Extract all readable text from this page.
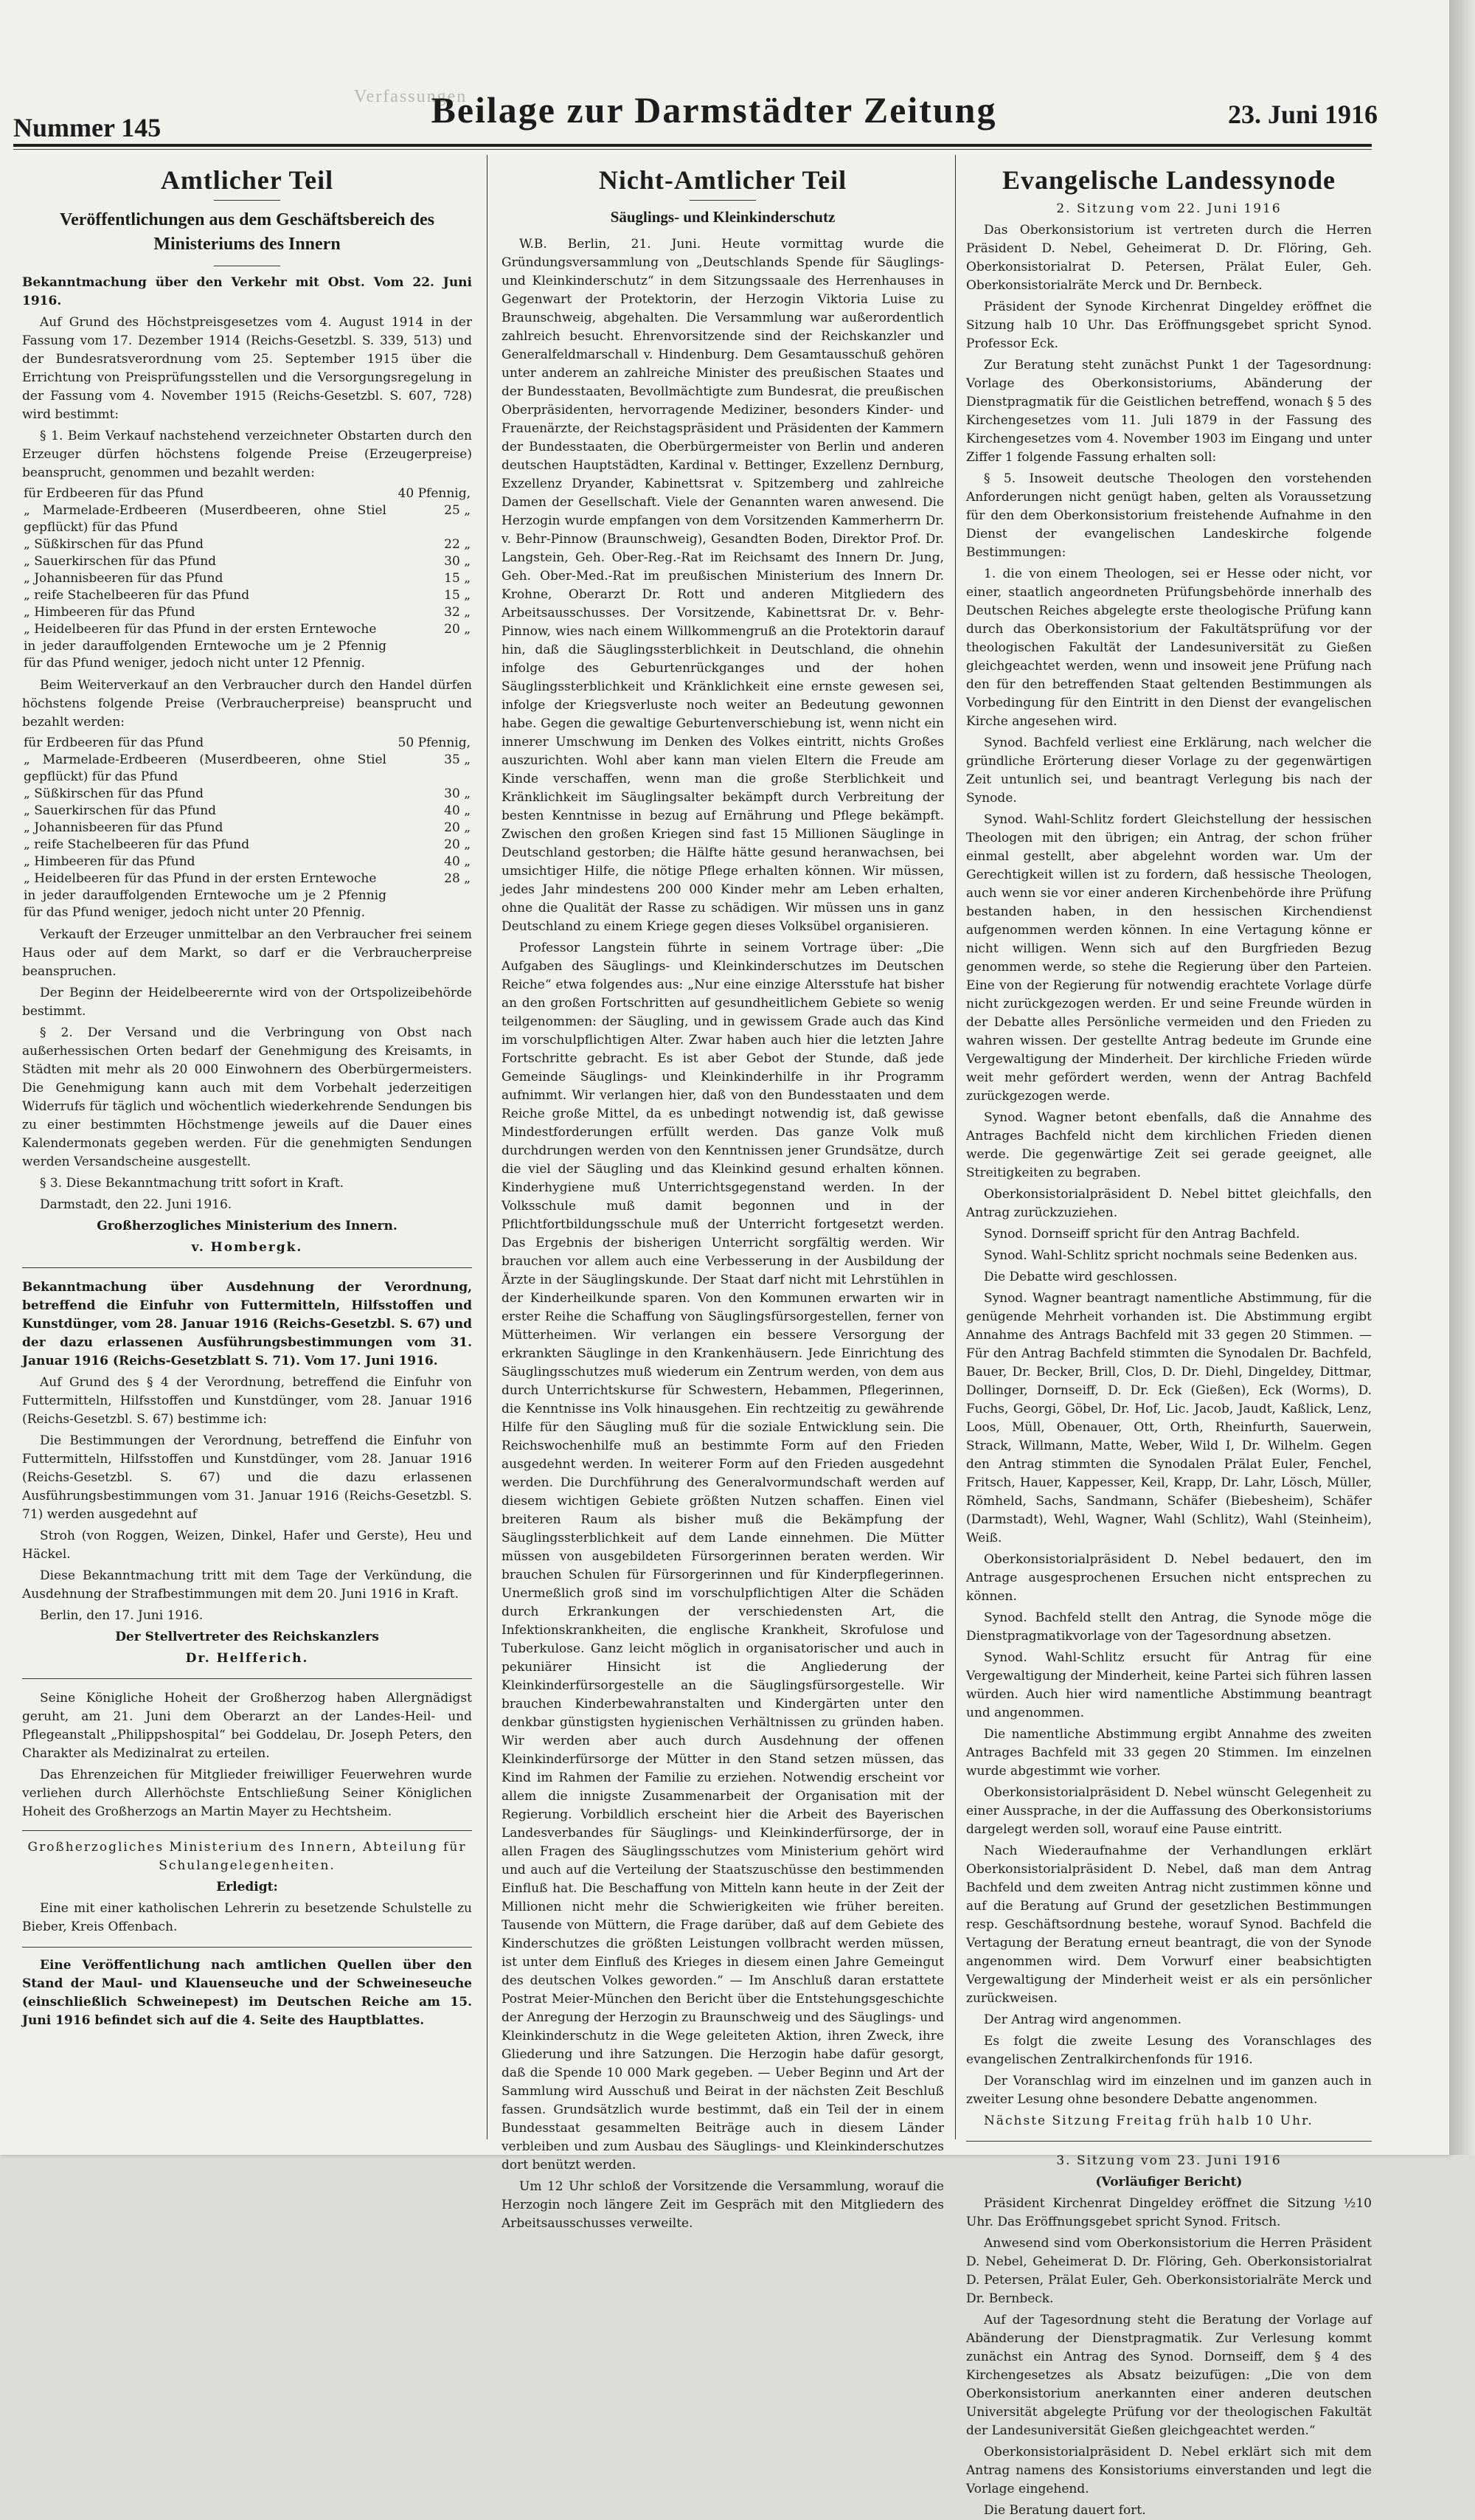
Verfassungen
Nummer 145	Beilage zur Darmstädter Zeitung	23. Juni 1916
Amtlicher Teil
Veröffentlichungen aus dem Geschäftsbereich des Ministeriums des Innern

Bekanntmachung über den Verkehr mit Obst. Vom 22. Juni 1916.

Auf Grund des Höchstpreisgesetzes vom 4. August 1914 in der Fassung vom 17. Dezember 1914 (Reichs-Gesetzbl. S. 339, 513) und der Bundesratsverordnung vom 25. September 1915 über die Errichtung von Preisprüfungsstellen und die Versorgungsregelung in der Fassung vom 4. November 1915 (Reichs-Gesetzbl. S. 607, 728) wird bestimmt:

§ 1. Beim Verkauf nachstehend verzeichneter Obstarten durch den Erzeuger dürfen höchstens folgende Preise (Erzeugerpreise) beansprucht, genommen und bezahlt werden:

für Erdbeeren für das Pfund	40 Pfennig,
„ Marmelade-Erdbeeren (Muserdbeeren, ohne Stiel gepflückt) für das Pfund	25 „
„ Süßkirschen für das Pfund	22 „
„ Sauerkirschen für das Pfund	30 „
„ Johannisbeeren für das Pfund	15 „
„ reife Stachelbeeren für das Pfund	15 „
„ Himbeeren für das Pfund	32 „
„ Heidelbeeren für das Pfund in der ersten Erntewoche	20 „
in jeder darauffolgenden Erntewoche um je 2 Pfennig für das Pfund weniger, jedoch nicht unter 12 Pfennig.	

Beim Weiterverkauf an den Verbraucher durch den Handel dürfen höchstens folgende Preise (Verbraucherpreise) beansprucht und bezahlt werden:

für Erdbeeren für das Pfund	50 Pfennig,
„ Marmelade-Erdbeeren (Muserdbeeren, ohne Stiel gepflückt) für das Pfund	35 „
„ Süßkirschen für das Pfund	30 „
„ Sauerkirschen für das Pfund	40 „
„ Johannisbeeren für das Pfund	20 „
„ reife Stachelbeeren für das Pfund	20 „
„ Himbeeren für das Pfund	40 „
„ Heidelbeeren für das Pfund in der ersten Erntewoche	28 „
in jeder darauffolgenden Erntewoche um je 2 Pfennig für das Pfund weniger, jedoch nicht unter 20 Pfennig.	

Verkauft der Erzeuger unmittelbar an den Verbraucher frei seinem Haus oder auf dem Markt, so darf er die Verbraucherpreise beanspruchen.

Der Beginn der Heidelbeerernte wird von der Ortspolizeibehörde bestimmt.

§ 2. Der Versand und die Verbringung von Obst nach außerhessischen Orten bedarf der Genehmigung des Kreisamts, in Städten mit mehr als 20 000 Einwohnern des Oberbürgermeisters. Die Genehmigung kann auch mit dem Vorbehalt jederzeitigen Widerrufs für täglich und wöchentlich wiederkehrende Sendungen bis zu einer bestimmten Höchstmenge jeweils auf die Dauer eines Kalendermonats gegeben werden. Für die genehmigten Sendungen werden Versandscheine ausgestellt.

§ 3. Diese Bekanntmachung tritt sofort in Kraft.

Darmstadt, den 22. Juni 1916.

Großherzogliches Ministerium des Innern.

v. Hombergk.

Bekanntmachung über Ausdehnung der Verordnung, betreffend die Einfuhr von Futtermitteln, Hilfsstoffen und Kunstdünger, vom 28. Januar 1916 (Reichs-Gesetzbl. S. 67) und der dazu erlassenen Ausführungsbestimmungen vom 31. Januar 1916 (Reichs-Gesetzblatt S. 71). Vom 17. Juni 1916.

Auf Grund des § 4 der Verordnung, betreffend die Einfuhr von Futtermitteln, Hilfsstoffen und Kunstdünger, vom 28. Januar 1916 (Reichs-Gesetzbl. S. 67) bestimme ich:

Die Bestimmungen der Verordnung, betreffend die Einfuhr von Futtermitteln, Hilfsstoffen und Kunstdünger, vom 28. Januar 1916 (Reichs-Gesetzbl. S. 67) und die dazu erlassenen Ausführungsbestimmungen vom 31. Januar 1916 (Reichs-Gesetzbl. S. 71) werden ausgedehnt auf

Stroh (von Roggen, Weizen, Dinkel, Hafer und Gerste), Heu und Häckel.

Diese Bekanntmachung tritt mit dem Tage der Verkündung, die Ausdehnung der Strafbestimmungen mit dem 20. Juni 1916 in Kraft.

Berlin, den 17. Juni 1916.

Der Stellvertreter des Reichskanzlers

Dr. Helfferich.

Seine Königliche Hoheit der Großherzog haben Allergnädigst geruht, am 21. Juni dem Oberarzt an der Landes-Heil- und Pflegeanstalt „Philippshospital“ bei Goddelau, Dr. Joseph Peters, den Charakter als Medizinalrat zu erteilen.

Das Ehrenzeichen für Mitglieder freiwilliger Feuerwehren wurde verliehen durch Allerhöchste Entschließung Seiner Königlichen Hoheit des Großherzogs an Martin Mayer zu Hechtsheim.

Großherzogliches Ministerium des Innern, Abteilung für Schulangelegenheiten.

Erledigt:

Eine mit einer katholischen Lehrerin zu besetzende Schulstelle zu Bieber, Kreis Offenbach.

Eine Veröffentlichung nach amtlichen Quellen über den Stand der Maul- und Klauenseuche und der Schweineseuche (einschließlich Schweinepest) im Deutschen Reiche am 15. Juni 1916 befindet sich auf die 4. Seite des Hauptblattes.

Nicht-Amtlicher Teil
Säuglings- und Kleinkinderschutz

W.B. Berlin, 21. Juni. Heute vormittag wurde die Gründungsversammlung von „Deutschlands Spende für Säuglings- und Kleinkinderschutz“ in dem Sitzungssaale des Herrenhauses in Gegenwart der Protektorin, der Herzogin Viktoria Luise zu Braunschweig, abgehalten. Die Versammlung war außerordentlich zahlreich besucht. Ehrenvorsitzende sind der Reichskanzler und Generalfeldmarschall v. Hindenburg. Dem Gesamtausschuß gehören unter anderem an zahlreiche Minister des preußischen Staates und der Bundesstaaten, Bevollmächtigte zum Bundesrat, die preußischen Oberpräsidenten, hervorragende Mediziner, besonders Kinder- und Frauenärzte, der Reichstagspräsident und Präsidenten der Kammern der Bundesstaaten, die Oberbürgermeister von Berlin und anderen deutschen Hauptstädten, Kardinal v. Bettinger, Exzellenz Dernburg, Exzellenz Dryander, Kabinettsrat v. Spitzemberg und zahlreiche Damen der Gesellschaft. Viele der Genannten waren anwesend. Die Herzogin wurde empfangen von dem Vorsitzenden Kammerherrn Dr. v. Behr-Pinnow (Braunschweig), Gesandten Boden, Direktor Prof. Dr. Langstein, Geh. Ober-Reg.-Rat im Reichsamt des Innern Dr. Jung, Geh. Ober-Med.-Rat im preußischen Ministerium des Innern Dr. Krohne, Oberarzt Dr. Rott und anderen Mitgliedern des Arbeitsausschusses. Der Vorsitzende, Kabinettsrat Dr. v. Behr-Pinnow, wies nach einem Willkommengruß an die Protektorin darauf hin, daß die Säuglingssterblichkeit in Deutschland, die ohnehin infolge des Geburtenrückganges und der hohen Säuglingssterblichkeit und Kränklichkeit eine ernste gewesen sei, infolge der Kriegsverluste noch weiter an Bedeutung gewonnen habe. Gegen die gewaltige Geburtenverschiebung ist, wenn nicht ein innerer Umschwung im Denken des Volkes eintritt, nichts Großes auszurichten. Wohl aber kann man vielen Eltern die Freude am Kinde verschaffen, wenn man die große Sterblichkeit und Kränklichkeit im Säuglingsalter bekämpft durch Verbreitung der besten Kenntnisse in bezug auf Ernährung und Pflege bekämpft. Zwischen den großen Kriegen sind fast 15 Millionen Säuglinge in Deutschland gestorben; die Hälfte hätte gesund heranwachsen, bei umsichtiger Hilfe, die nötige Pflege erhalten können. Wir müssen, jedes Jahr mindestens 200 000 Kinder mehr am Leben erhalten, ohne die Qualität der Rasse zu schädigen. Wir müssen uns in ganz Deutschland zu einem Kriege gegen dieses Volksübel organisieren.

Professor Langstein führte in seinem Vortrage über: „Die Aufgaben des Säuglings- und Kleinkinderschutzes im Deutschen Reiche“ etwa folgendes aus: „Nur eine einzige Altersstufe hat bisher an den großen Fortschritten auf gesundheitlichem Gebiete so wenig teilgenommen: der Säugling, und in gewissem Grade auch das Kind im vorschulpflichtigen Alter. Zwar haben auch hier die letzten Jahre Fortschritte gebracht. Es ist aber Gebot der Stunde, daß jede Gemeinde Säuglings- und Kleinkinderhilfe in ihr Programm aufnimmt. Wir verlangen hier, daß von den Bundesstaaten und dem Reiche große Mittel, da es unbedingt notwendig ist, daß gewisse Mindestforderungen erfüllt werden. Das ganze Volk muß durchdrungen werden von den Kenntnissen jener Grundsätze, durch die viel der Säugling und das Kleinkind gesund erhalten können. Kinderhygiene muß Unterrichtsgegenstand werden. In der Volksschule muß damit begonnen und in der Pflichtfortbildungsschule muß der Unterricht fortgesetzt werden. Das Ergebnis der bisherigen Unterricht sorgfältig werden. Wir brauchen vor allem auch eine Verbesserung in der Ausbildung der Ärzte in der Säuglingskunde. Der Staat darf nicht mit Lehrstühlen in der Kinderheilkunde sparen. Von den Kommunen erwarten wir in erster Reihe die Schaffung von Säuglingsfürsorgestellen, ferner von Mütterheimen. Wir verlangen ein bessere Versorgung der erkrankten Säuglinge in den Krankenhäusern. Jede Einrichtung des Säuglingsschutzes muß wiederum ein Zentrum werden, von dem aus durch Unterrichtskurse für Schwestern, Hebammen, Pflegerinnen, die Kenntnisse ins Volk hinausgehen. Ein rechtzeitig zu gewährende Hilfe für den Säugling muß für die soziale Entwicklung sein. Die Reichswochenhilfe muß an bestimmte Form auf den Frieden ausgedehnt werden. In weiterer Form auf den Frieden ausgedehnt werden. Die Durchführung des Generalvormundschaft werden auf diesem wichtigen Gebiete größten Nutzen schaffen. Einen viel breiteren Raum als bisher muß die Bekämpfung der Säuglingssterblichkeit auf dem Lande einnehmen. Die Mütter müssen von ausgebildeten Fürsorgerinnen beraten werden. Wir brauchen Schulen für Fürsorgerinnen und für Kinderpflegerinnen. Unermeßlich groß sind im vorschulpflichtigen Alter die Schäden durch Erkrankungen der verschiedensten Art, die Infektionskrankheiten, die englische Krankheit, Skrofulose und Tuberkulose. Ganz leicht möglich in organisatorischer und auch in pekuniärer Hinsicht ist die Angliederung der Kleinkinderfürsorgestelle an die Säuglingsfürsorgestelle. Wir brauchen Kinderbewahranstalten und Kindergärten unter den denkbar günstigsten hygienischen Verhältnissen zu gründen haben. Wir werden aber auch durch Ausdehnung der offenen Kleinkinderfürsorge der Mütter in den Stand setzen müssen, das Kind im Rahmen der Familie zu erziehen. Notwendig erscheint vor allem die innigste Zusammenarbeit der Organisation mit der Regierung. Vorbildlich erscheint hier die Arbeit des Bayerischen Landesverbandes für Säuglings- und Kleinkinderfürsorge, der in allen Fragen des Säuglingsschutzes vom Ministerium gehört wird und auch auf die Verteilung der Staatszuschüsse den bestimmenden Einfluß hat. Die Beschaffung von Mitteln kann heute in der Zeit der Millionen nicht mehr die Schwierigkeiten wie früher bereiten. Tausende von Müttern, die Frage darüber, daß auf dem Gebiete des Kinderschutzes die größten Leistungen vollbracht werden müssen, ist unter dem Einfluß des Krieges in diesem einen Jahre Gemeingut des deutschen Volkes geworden.“ — Im Anschluß daran erstattete Postrat Meier-München den Bericht über die Entstehungsgeschichte der Anregung der Herzogin zu Braunschweig und des Säuglings- und Kleinkinderschutz in die Wege geleiteten Aktion, ihren Zweck, ihre Gliederung und ihre Satzungen. Die Herzogin habe dafür gesorgt, daß die Spende 10 000 Mark gegeben. — Ueber Beginn und Art der Sammlung wird Ausschuß und Beirat in der nächsten Zeit Beschluß fassen. Grundsätzlich wurde bestimmt, daß ein Teil der in einem Bundesstaat gesammelten Beiträge auch in diesem Länder verbleiben und zum Ausbau des Säuglings- und Kleinkinderschutzes dort benützt werden.

Um 12 Uhr schloß der Vorsitzende die Versammlung, worauf die Herzogin noch längere Zeit im Gespräch mit den Mitgliedern des Arbeitsausschusses verweilte.

Evangelische Landessynode

2. Sitzung vom 22. Juni 1916

Das Oberkonsistorium ist vertreten durch die Herren Präsident D. Nebel, Geheimerat D. Dr. Flöring, Geh. Oberkonsistorialrat D. Petersen, Prälat Euler, Geh. Oberkonsistorialräte Merck und Dr. Bernbeck.

Präsident der Synode Kirchenrat Dingeldey eröffnet die Sitzung halb 10 Uhr. Das Eröffnungsgebet spricht Synod. Professor Eck.

Zur Beratung steht zunächst Punkt 1 der Tagesordnung: Vorlage des Oberkonsistoriums, Abänderung der Dienstpragmatik für die Geistlichen betreffend, wonach § 5 des Kirchengesetzes vom 11. Juli 1879 in der Fassung des Kirchengesetzes vom 4. November 1903 im Eingang und unter Ziffer 1 folgende Fassung erhalten soll:

§ 5. Insoweit deutsche Theologen den vorstehenden Anforderungen nicht genügt haben, gelten als Voraussetzung für den dem Oberkonsistorium freistehende Aufnahme in den Dienst der evangelischen Landeskirche folgende Bestimmungen:

1. die von einem Theologen, sei er Hesse oder nicht, vor einer, staatlich angeordneten Prüfungsbehörde innerhalb des Deutschen Reiches abgelegte erste theologische Prüfung kann durch das Oberkonsistorium der Fakultätsprüfung vor der theologischen Fakultät der Landesuniversität zu Gießen gleichgeachtet werden, wenn und insoweit jene Prüfung nach den für den betreffenden Staat geltenden Bestimmungen als Vorbedingung für den Eintritt in den Dienst der evangelischen Kirche angesehen wird.

Synod. Bachfeld verliest eine Erklärung, nach welcher die gründliche Erörterung dieser Vorlage zu der gegenwärtigen Zeit untunlich sei, und beantragt Verlegung bis nach der Synode.

Synod. Wahl-Schlitz fordert Gleichstellung der hessischen Theologen mit den übrigen; ein Antrag, der schon früher einmal gestellt, aber abgelehnt worden war. Um der Gerechtigkeit willen ist zu fordern, daß hessische Theologen, auch wenn sie vor einer anderen Kirchenbehörde ihre Prüfung bestanden haben, in den hessischen Kirchendienst aufgenommen werden können. In eine Vertagung könne er nicht willigen. Wenn sich auf den Burgfrieden Bezug genommen werde, so stehe die Regierung über den Parteien. Eine von der Regierung für notwendig erachtete Vorlage dürfe nicht zurückgezogen werden. Er und seine Freunde würden in der Debatte alles Persönliche vermeiden und den Frieden zu wahren wissen. Der gestellte Antrag bedeute im Grunde eine Vergewaltigung der Minderheit. Der kirchliche Frieden würde weit mehr gefördert werden, wenn der Antrag Bachfeld zurückgezogen werde.

Synod. Wagner betont ebenfalls, daß die Annahme des Antrages Bachfeld nicht dem kirchlichen Frieden dienen werde. Die gegenwärtige Zeit sei gerade geeignet, alle Streitigkeiten zu begraben.

Oberkonsistorialpräsident D. Nebel bittet gleichfalls, den Antrag zurückzuziehen.

Synod. Dornseiff spricht für den Antrag Bachfeld.

Synod. Wahl-Schlitz spricht nochmals seine Bedenken aus.

Die Debatte wird geschlossen.

Synod. Wagner beantragt namentliche Abstimmung, für die genügende Mehrheit vorhanden ist. Die Abstimmung ergibt Annahme des Antrags Bachfeld mit 33 gegen 20 Stimmen. — Für den Antrag Bachfeld stimmten die Synodalen Dr. Bachfeld, Bauer, Dr. Becker, Brill, Clos, D. Dr. Diehl, Dingeldey, Dittmar, Dollinger, Dornseiff, D. Dr. Eck (Gießen), Eck (Worms), D. Fuchs, Georgi, Göbel, Dr. Hof, Lic. Jacob, Jaudt, Kaßlick, Lenz, Loos, Müll, Obenauer, Ott, Orth, Rheinfurth, Sauerwein, Strack, Willmann, Matte, Weber, Wild I, Dr. Wilhelm. Gegen den Antrag stimmten die Synodalen Prälat Euler, Fenchel, Fritsch, Hauer, Kappesser, Keil, Krapp, Dr. Lahr, Lösch, Müller, Römheld, Sachs, Sandmann, Schäfer (Biebesheim), Schäfer (Darmstadt), Wehl, Wagner, Wahl (Schlitz), Wahl (Steinheim), Weiß.

Oberkonsistorialpräsident D. Nebel bedauert, den im Antrage ausgesprochenen Ersuchen nicht entsprechen zu können.

Synod. Bachfeld stellt den Antrag, die Synode möge die Dienstpragmatikvorlage von der Tagesordnung absetzen.

Synod. Wahl-Schlitz ersucht für Antrag für eine Vergewaltigung der Minderheit, keine Partei sich führen lassen würden. Auch hier wird namentliche Abstimmung beantragt und angenommen.

Die namentliche Abstimmung ergibt Annahme des zweiten Antrages Bachfeld mit 33 gegen 20 Stimmen. Im einzelnen wurde abgestimmt wie vorher.

Oberkonsistorialpräsident D. Nebel wünscht Gelegenheit zu einer Aussprache, in der die Auffassung des Oberkonsistoriums dargelegt werden soll, worauf eine Pause eintritt.

Nach Wiederaufnahme der Verhandlungen erklärt Oberkonsistorialpräsident D. Nebel, daß man dem Antrag Bachfeld und dem zweiten Antrag nicht zustimmen könne und auf die Beratung auf Grund der gesetzlichen Bestimmungen resp. Geschäftsordnung bestehe, worauf Synod. Bachfeld die Vertagung der Beratung erneut beantragt, die von der Synode angenommen wird. Dem Vorwurf einer beabsichtigten Vergewaltigung der Minderheit weist er als ein persönlicher zurückweisen.

Der Antrag wird angenommen.

Es folgt die zweite Lesung des Voranschlages des evangelischen Zentralkirchenfonds für 1916.

Der Voranschlag wird im einzelnen und im ganzen auch in zweiter Lesung ohne besondere Debatte angenommen.

Nächste Sitzung Freitag früh halb 10 Uhr.

3. Sitzung vom 23. Juni 1916

(Vorläufiger Bericht)

Präsident Kirchenrat Dingeldey eröffnet die Sitzung ½10 Uhr. Das Eröffnungsgebet spricht Synod. Fritsch.

Anwesend sind vom Oberkonsistorium die Herren Präsident D. Nebel, Geheimerat D. Dr. Flöring, Geh. Oberkonsistorialrat D. Petersen, Prälat Euler, Geh. Oberkonsistorialräte Merck und Dr. Bernbeck.

Auf der Tagesordnung steht die Beratung der Vorlage auf Abänderung der Dienstpragmatik. Zur Verlesung kommt zunächst ein Antrag des Synod. Dornseiff, dem § 4 des Kirchengesetzes als Absatz beizufügen: „Die von dem Oberkonsistorium anerkannten einer anderen deutschen Universität abgelegte Prüfung vor der theologischen Fakultät der Landesuniversität Gießen gleichgeachtet werden.“

Oberkonsistorialpräsident D. Nebel erklärt sich mit dem Antrag namens des Konsistoriums einverstanden und legt die Vorlage eingehend.

Die Beratung dauert fort.
